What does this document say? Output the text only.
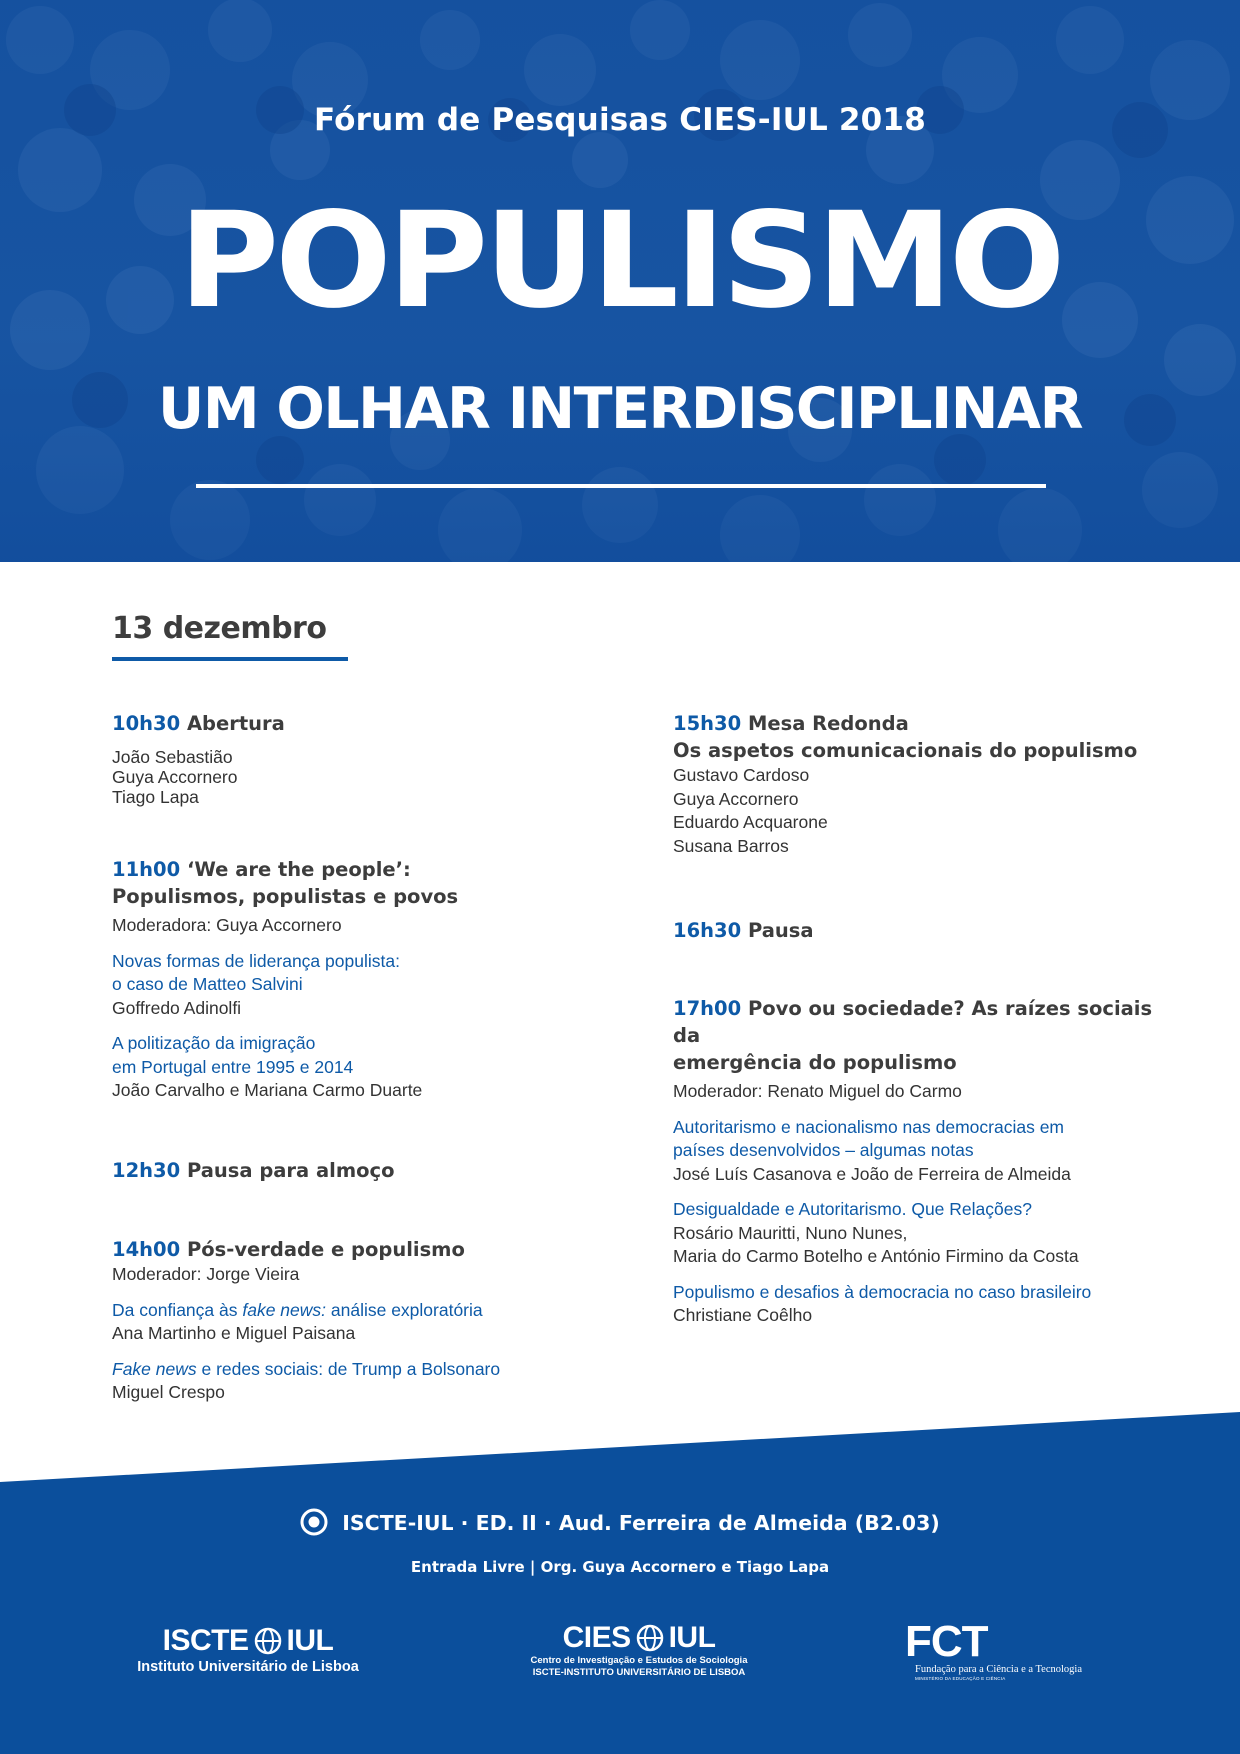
Fórum de Pesquisas CIES-IUL 2018
POPULISMO
UM OLHAR INTERDISCIPLINAR
13 dezembro
10h30 Abertura
João Sebastião
Guya Accornero
Tiago Lapa
11h00 ‘We are the people’:
Populismos, populistas e povos
Moderadora: Guya Accornero
Novas formas de liderança populista:
o caso de Matteo Salvini
Goffredo Adinolfi
A politização da imigração
em Portugal entre 1995 e 2014
João Carvalho e Mariana Carmo Duarte
12h30 Pausa para almoço
14h00 Pós-verdade e populismo
Moderador: Jorge Vieira
Da confiança às fake news: análise exploratória
Ana Martinho e Miguel Paisana
Fake news e redes sociais: de Trump a Bolsonaro
Miguel Crespo
15h30 Mesa Redonda
Os aspetos comunicacionais do populismo
Gustavo Cardoso
Guya Accornero
Eduardo Acquarone
Susana Barros
16h30 Pausa
17h00 Povo ou sociedade? As raízes sociais da
emergência do populismo
Moderador: Renato Miguel do Carmo
Autoritarismo e nacionalismo nas democracias em
países desenvolvidos – algumas notas
José Luís Casanova e João de Ferreira de Almeida
Desigualdade e Autoritarismo. Que Relações?
Rosário Mauritti, Nuno Nunes,
Maria do Carmo Botelho e António Firmino da Costa
Populismo e desafios à democracia no caso brasileiro
Christiane Coêlho
ISCTE-IUL · ED. II · Aud. Ferreira de Almeida (B2.03)
Entrada Livre | Org. Guya Accornero e Tiago Lapa
ISCTE IUL
Instituto Universitário de Lisboa
CIES IUL
Centro de Investigação e Estudos de Sociologia
ISCTE-INSTITUTO UNIVERSITÁRIO DE LISBOA
FCT
Fundação para a Ciência e a Tecnologia
MINISTÉRIO DA EDUCAÇÃO E CIÊNCIA
